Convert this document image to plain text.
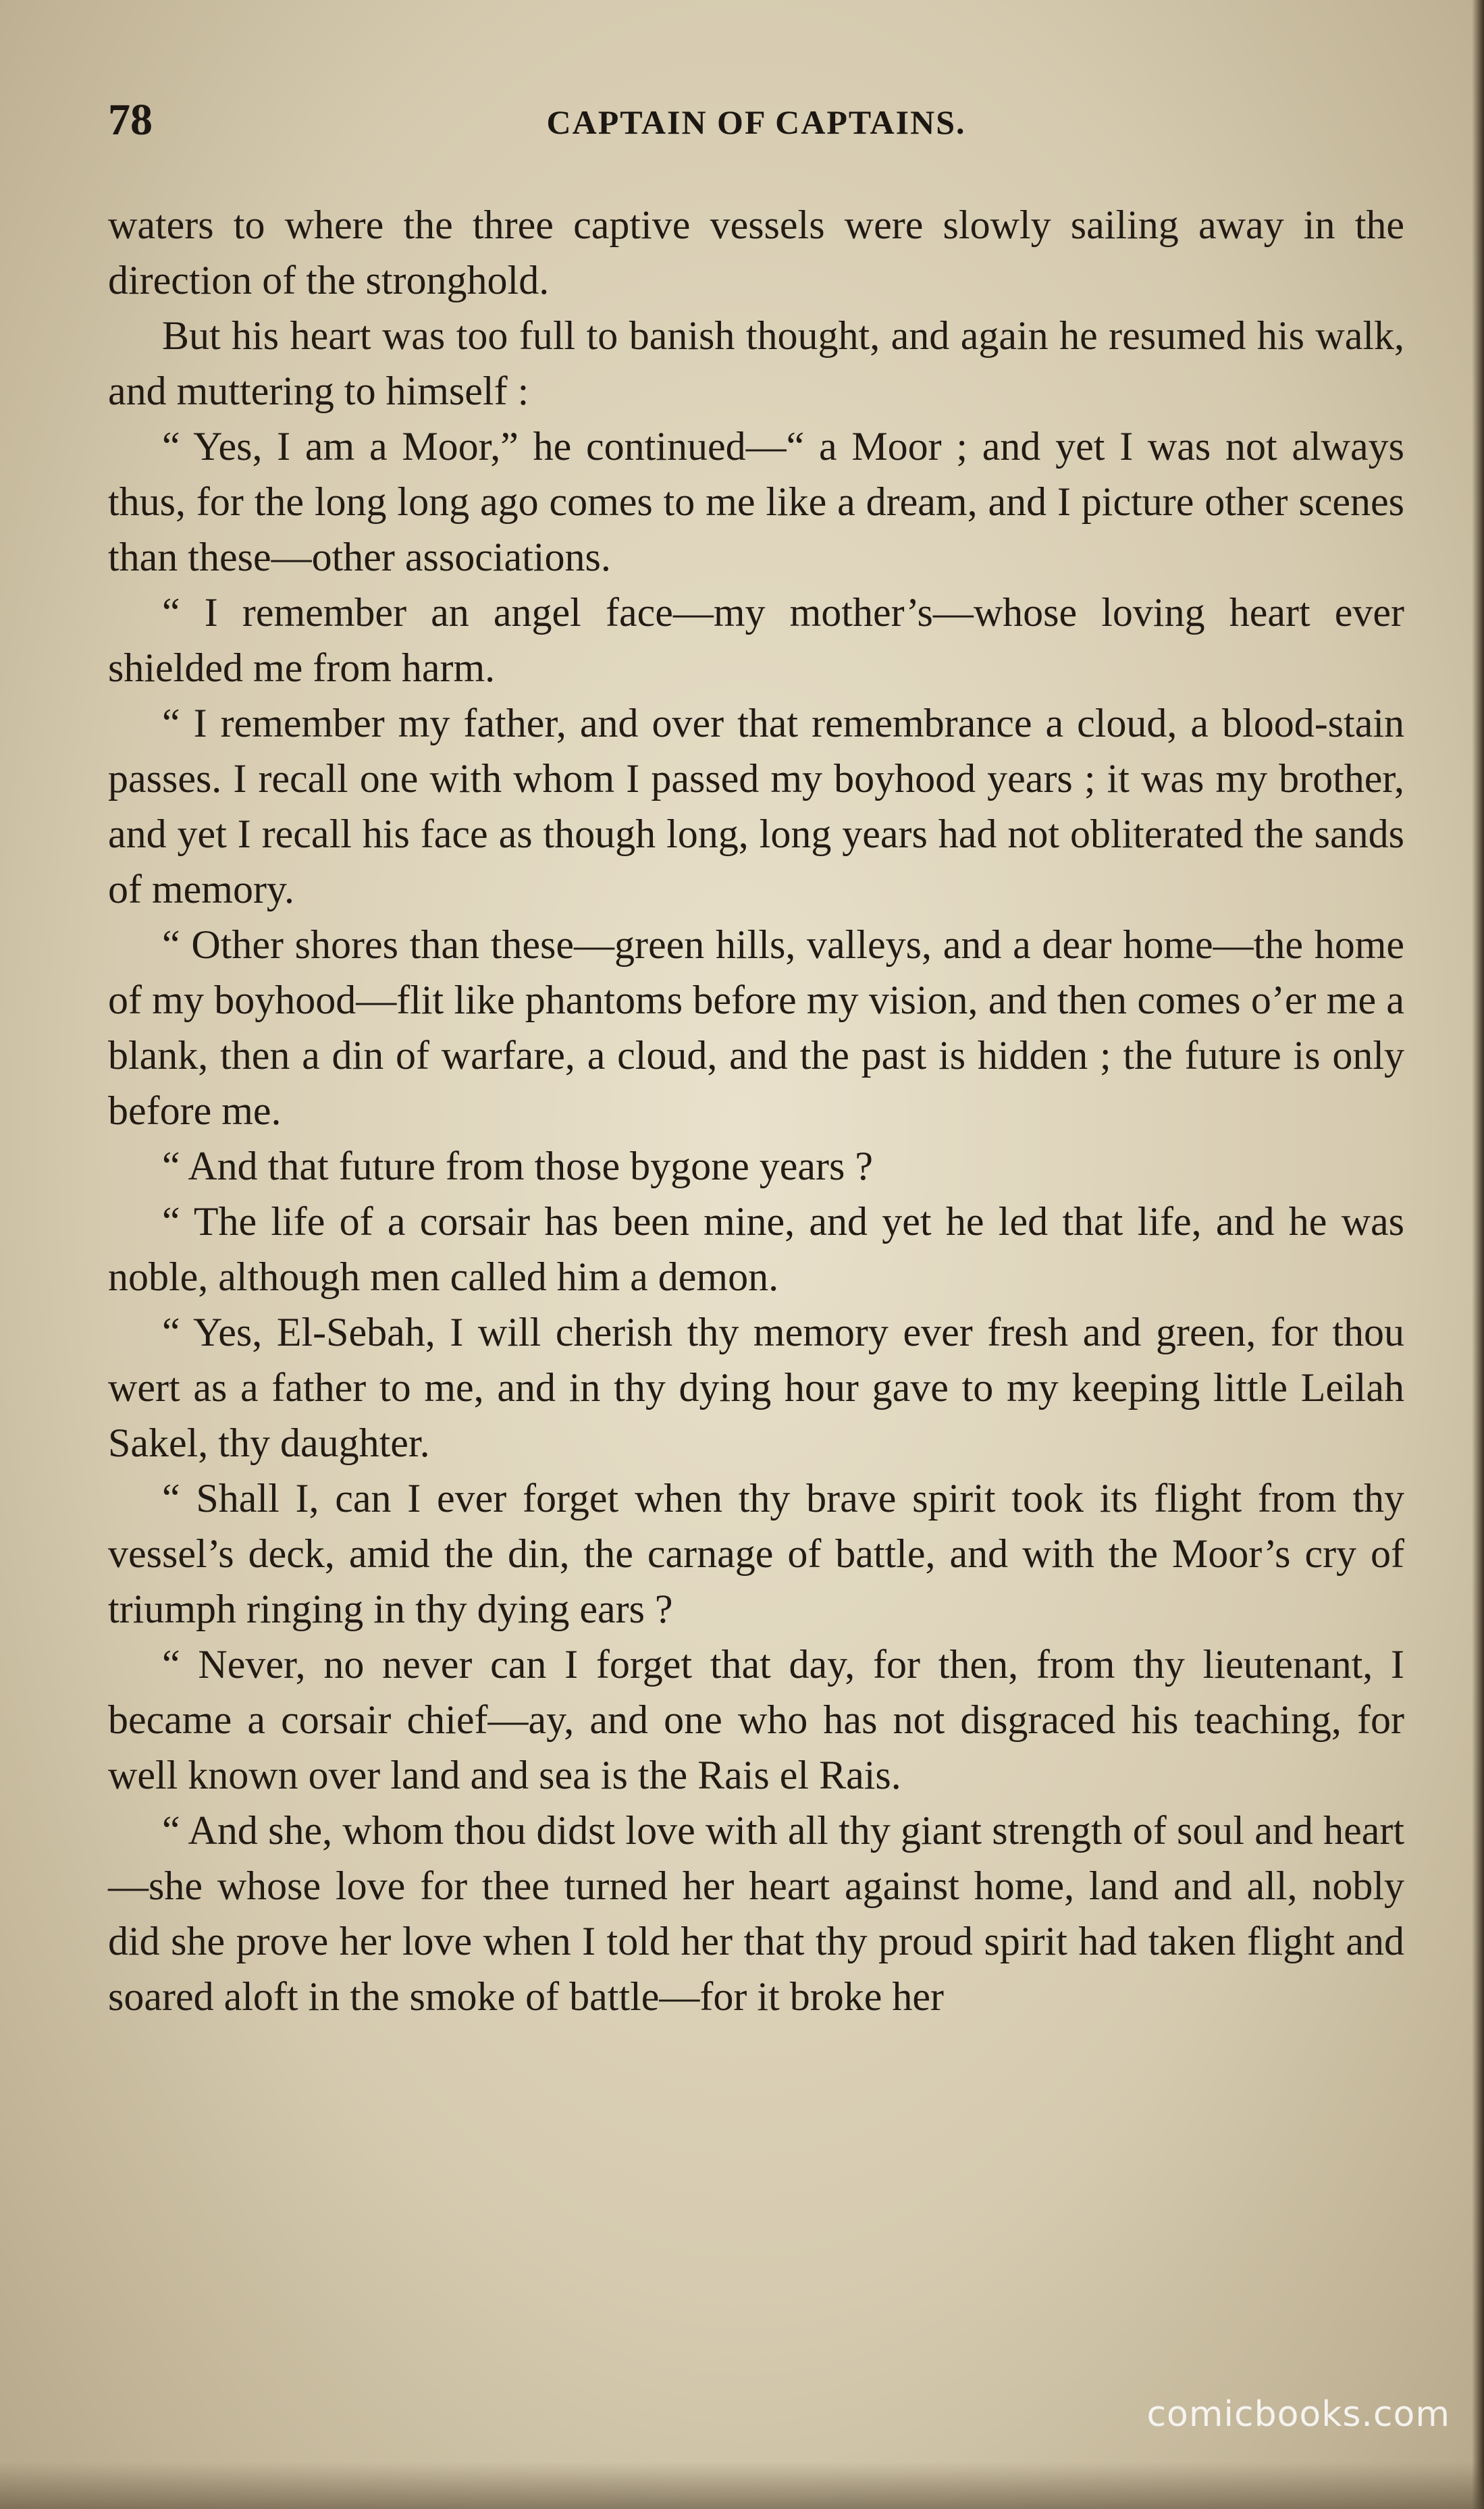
78	CAPTAIN OF CAPTAINS.

waters to where the three captive vessels were slowly sailing away in the direction of the stronghold.

But his heart was too full to banish thought, and again he resumed his walk, and muttering to himself :

“ Yes, I am a Moor,” he continued—“ a Moor ; and yet I was not always thus, for the long long ago comes to me like a dream, and I picture other scenes than these—other associations.

“ I remember an angel face—my mother’s—whose loving heart ever shielded me from harm.

“ I remember my father, and over that remembrance a cloud, a blood-stain passes. I recall one with whom I passed my boyhood years ; it was my brother, and yet I recall his face as though long, long years had not obliterated the sands of memory.

“ Other shores than these—green hills, valleys, and a dear home—the home of my boyhood—flit like phantoms before my vision, and then comes o’er me a blank, then a din of warfare, a cloud, and the past is hidden ; the future is only before me.

“ And that future from those bygone years ?

“ The life of a corsair has been mine, and yet he led that life, and he was noble, although men called him a demon.

“ Yes, El-Sebah, I will cherish thy memory ever fresh and green, for thou wert as a father to me, and in thy dying hour gave to my keeping little Leilah Sakel, thy daughter.

“ Shall I, can I ever forget when thy brave spirit took its flight from thy vessel’s deck, amid the din, the carnage of battle, and with the Moor’s cry of triumph ringing in thy dying ears ?

“ Never, no never can I forget that day, for then, from thy lieutenant, I became a corsair chief—ay, and one who has not disgraced his teaching, for well known over land and sea is the Rais el Rais.

“ And she, whom thou didst love with all thy giant strength of soul and heart—she whose love for thee turned her heart against home, land and all, nobly did she prove her love when I told her that thy proud spirit had taken flight and soared aloft in the smoke of battle—for it broke her

comicbooks.com
